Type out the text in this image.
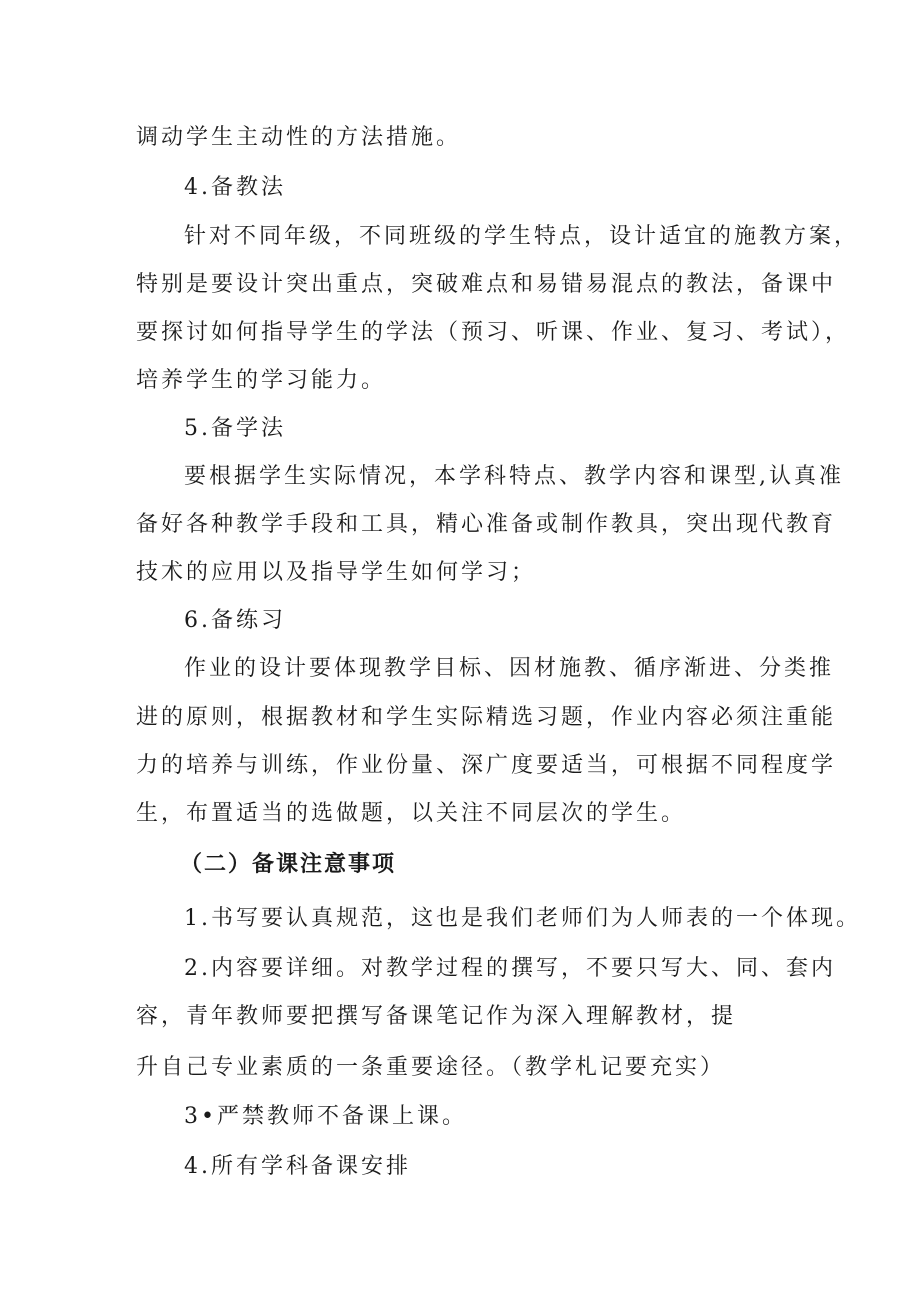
调动学生主动性的方法措施。
4.备教法
针对不同年级，不同班级的学生特点，设计适宜的施教方案，
特别是要设计突出重点，突破难点和易错易混点的教法，备课中
要探讨如何指导学生的学法（预习、听课、作业、复习、考试），
培养学生的学习能力。
5.备学法
要根据学生实际情况，本学科特点、教学内容和课型,认真准
备好各种教学手段和工具，精心准备或制作教具，突出现代教育
技术的应用以及指导学生如何学习；
6.备练习
作业的设计要体现教学目标、因材施教、循序渐进、分类推
进的原则，根据教材和学生实际精选习题，作业内容必须注重能
力的培养与训练，作业份量、深广度要适当，可根据不同程度学
生，布置适当的选做题，以关注不同层次的学生。
（二）备课注意事项
1.书写要认真规范，这也是我们老师们为人师表的一个体现。
2.内容要详细。对教学过程的撰写，不要只写大、同、套内
容，青年教师要把撰写备课笔记作为深入理解教材，提
升自己专业素质的一条重要途径。（教学札记要充实）
3•严禁教师不备课上课。
4.所有学科备课安排
